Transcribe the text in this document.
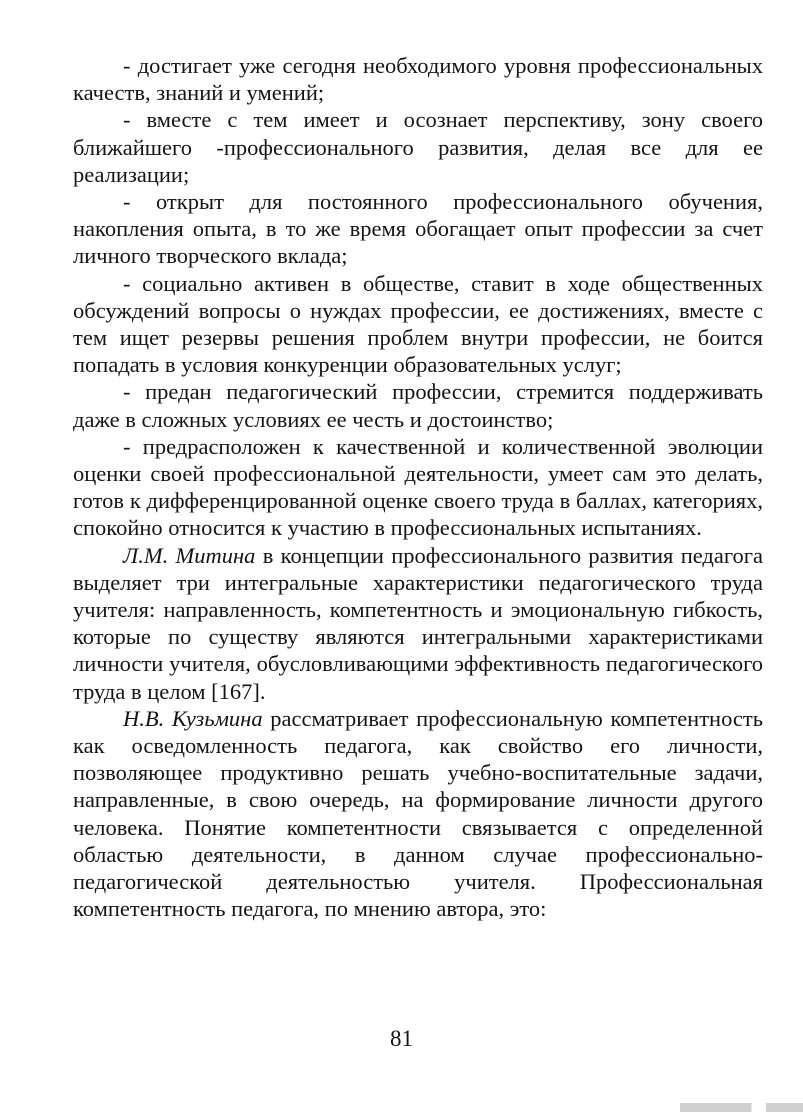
- достигает уже сегодня необходимого уровня профессиональных качеств, знаний и умений;

- вместе с тем имеет и осознает перспективу, зону своего ближайшего -профессионального развития, делая все для ее реализации;

- открыт для постоянного профессионального обучения, накопления опыта, в то же время обогащает опыт профессии за счет личного творческого вклада;

- социально активен в обществе, ставит в ходе общественных обсуждений вопросы о нуждах профессии, ее достижениях, вместе с тем ищет резервы решения проблем внутри профессии, не боится попадать в условия конкуренции образовательных услуг;

- предан педагогический профессии, стремится поддерживать даже в сложных условиях ее честь и достоинство;

- предрасположен к качественной и количественной эволюции оценки своей профессиональной деятельности, умеет сам это делать, готов к дифференцированной оценке своего труда в баллах, категориях, спокойно относится к участию в профессиональных испытаниях.

Л.М. Митина в концепции профессионального развития педагога выделяет три интегральные характеристики педагогического труда учителя: направленность, компетентность и эмоциональную гибкость, которые по существу являются интегральными характеристиками личности учителя, обусловливающими эффективность педагогического труда в целом [167].

Н.В. Кузьмина рассматривает профессиональную компетентность как осведомленность педагога, как свойство его личности, позволяющее продуктивно решать учебно-воспитательные задачи, направленные, в свою очередь, на формирование личности другого человека. Понятие компетентности связывается с определенной областью деятельности, в данном случае профессионально-педагогической деятельностью учителя. Профессиональная компетентность педагога, по мнению автора, это:

81
